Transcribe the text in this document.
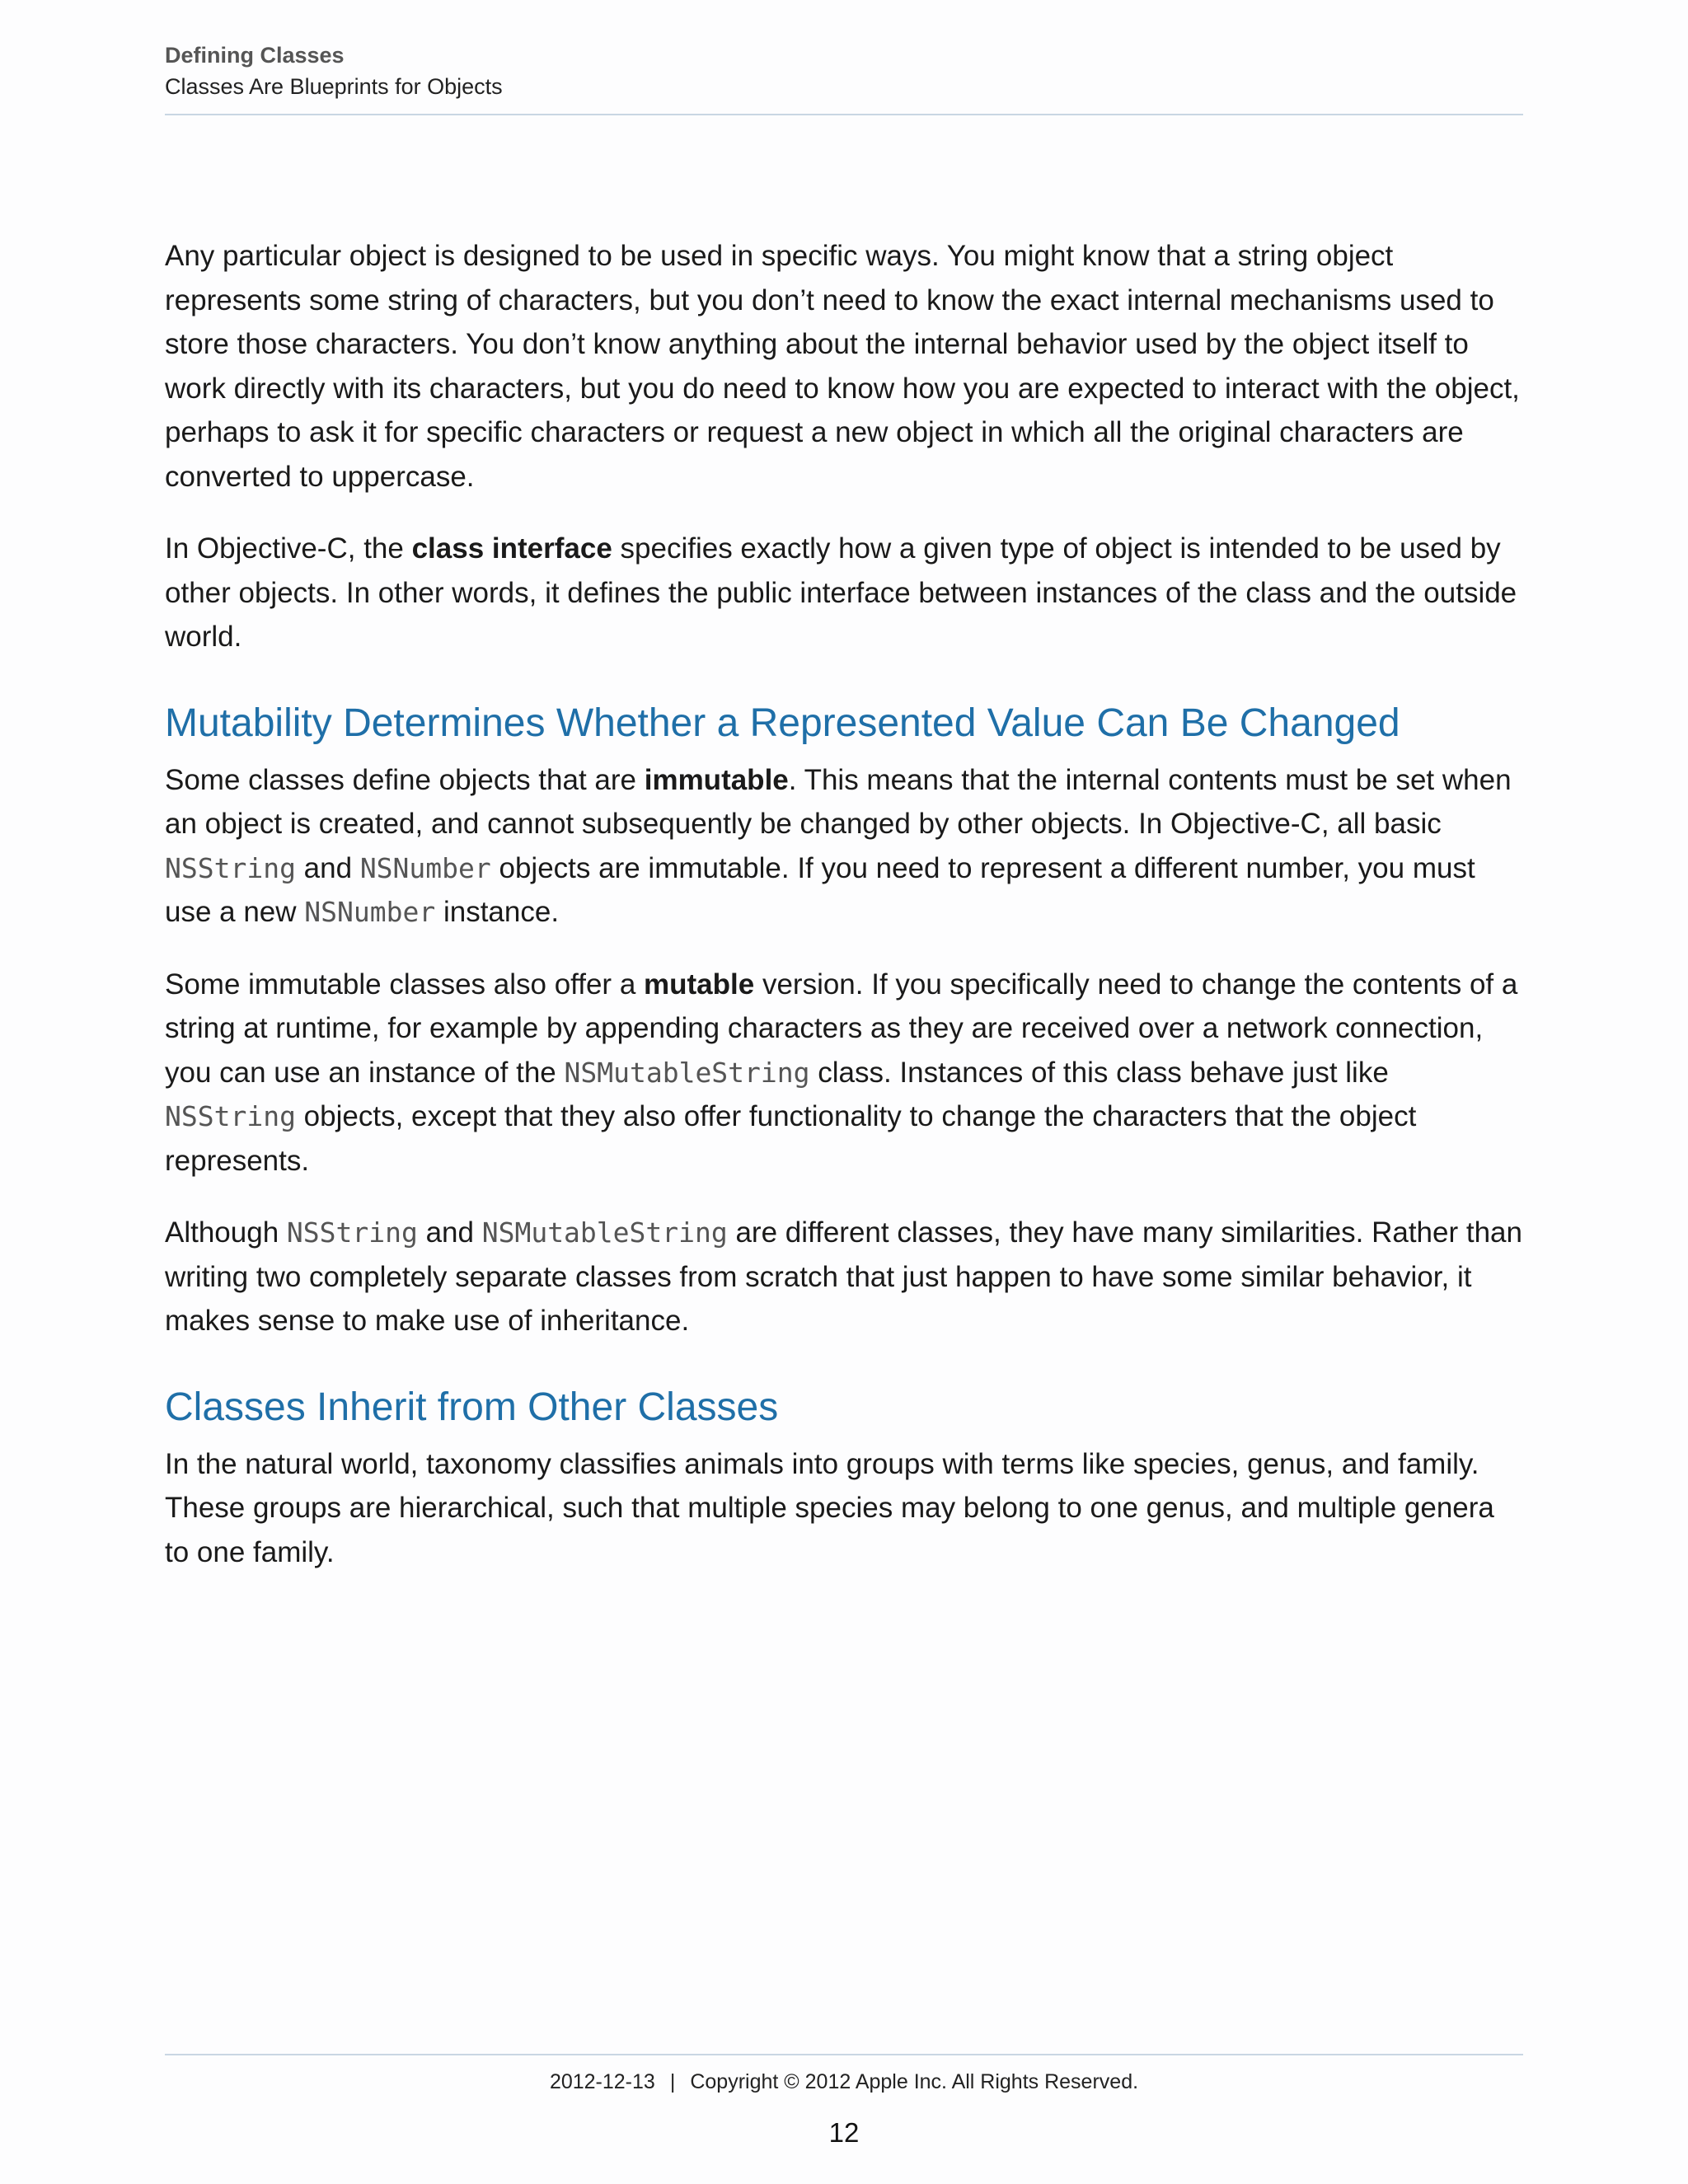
Defining Classes
Classes Are Blueprints for Objects

Any particular object is designed to be used in specific ways. You might know that a string object represents some string of characters, but you don’t need to know the exact internal mechanisms used to store those characters. You don’t know anything about the internal behavior used by the object itself to work directly with its characters, but you do need to know how you are expected to interact with the object, perhaps to ask it for specific characters or request a new object in which all the original characters are converted to uppercase.

In Objective-C, the class interface specifies exactly how a given type of object is intended to be used by other objects. In other words, it defines the public interface between instances of the class and the outside world.

Mutability Determines Whether a Represented Value Can Be Changed

Some classes define objects that are immutable. This means that the internal contents must be set when an object is created, and cannot subsequently be changed by other objects. In Objective-C, all basic NSString and NSNumber objects are immutable. If you need to represent a different number, you must use a new NSNumber instance.

Some immutable classes also offer a mutable version. If you specifically need to change the contents of a string at runtime, for example by appending characters as they are received over a network connection, you can use an instance of the NSMutableString class. Instances of this class behave just like NSString objects, except that they also offer functionality to change the characters that the object represents.

Although NSString and NSMutableString are different classes, they have many similarities. Rather than writing two completely separate classes from scratch that just happen to have some similar behavior, it makes sense to make use of inheritance.

Classes Inherit from Other Classes

In the natural world, taxonomy classifies animals into groups with terms like species, genus, and family. These groups are hierarchical, such that multiple species may belong to one genus, and multiple genera to one family.

2012-12-13 | Copyright © 2012 Apple Inc. All Rights Reserved.
12
